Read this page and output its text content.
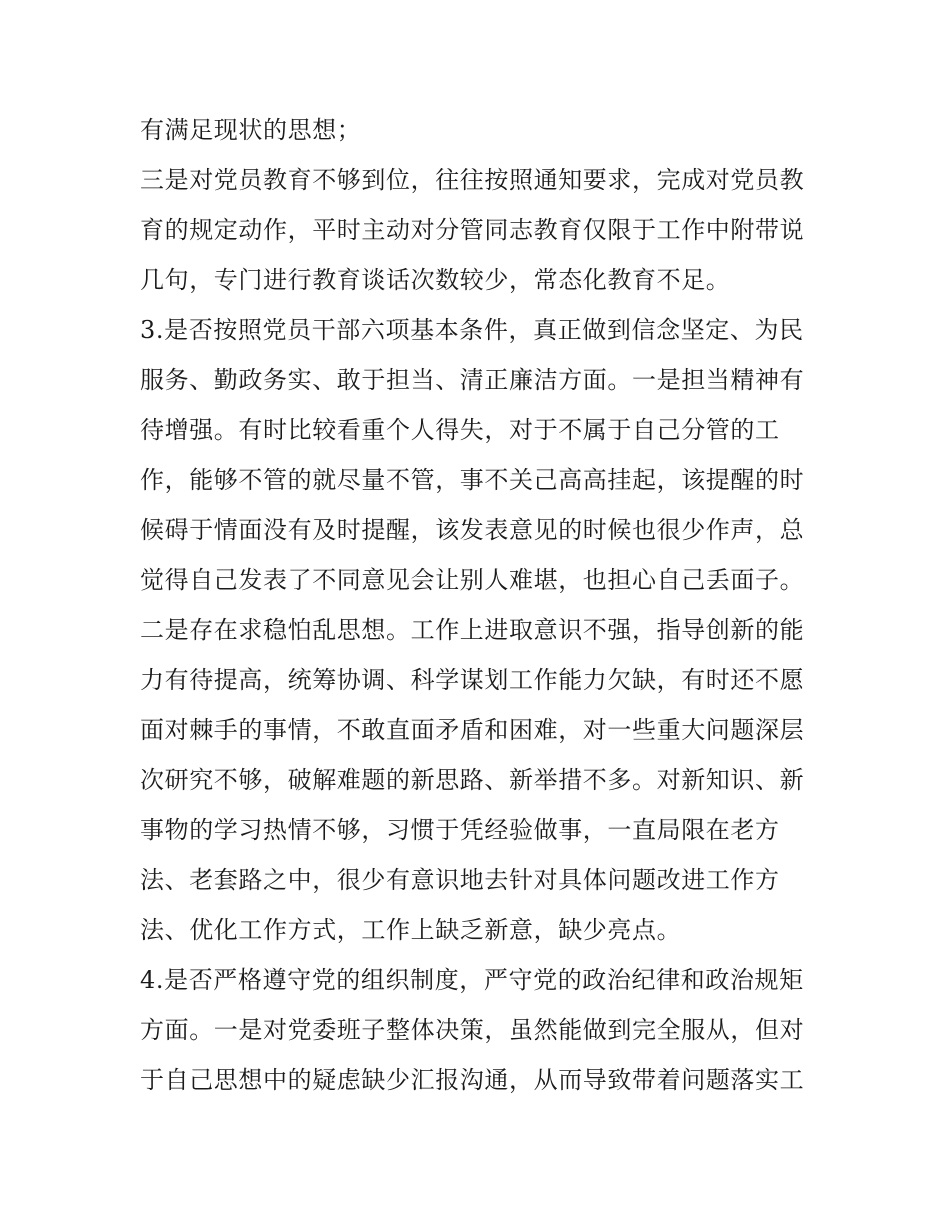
有满足现状的思想；
三是对党员教育不够到位，往往按照通知要求，完成对党员教
育的规定动作，平时主动对分管同志教育仅限于工作中附带说
几句，专门进行教育谈话次数较少，常态化教育不足。
3.是否按照党员干部六项基本条件，真正做到信念坚定、为民
服务、勤政务实、敢于担当、清正廉洁方面。一是担当精神有
待增强。有时比较看重个人得失，对于不属于自己分管的工
作，能够不管的就尽量不管，事不关己高高挂起，该提醒的时
候碍于情面没有及时提醒，该发表意见的时候也很少作声，总
觉得自己发表了不同意见会让别人难堪，也担心自己丢面子。
二是存在求稳怕乱思想。工作上进取意识不强，指导创新的能
力有待提高，统筹协调、科学谋划工作能力欠缺，有时还不愿
面对棘手的事情，不敢直面矛盾和困难，对一些重大问题深层
次研究不够，破解难题的新思路、新举措不多。对新知识、新
事物的学习热情不够，习惯于凭经验做事，一直局限在老方
法、老套路之中，很少有意识地去针对具体问题改进工作方
法、优化工作方式，工作上缺乏新意，缺少亮点。
4.是否严格遵守党的组织制度，严守党的政治纪律和政治规矩
方面。一是对党委班子整体决策，虽然能做到完全服从，但对
于自己思想中的疑虑缺少汇报沟通，从而导致带着问题落实工
